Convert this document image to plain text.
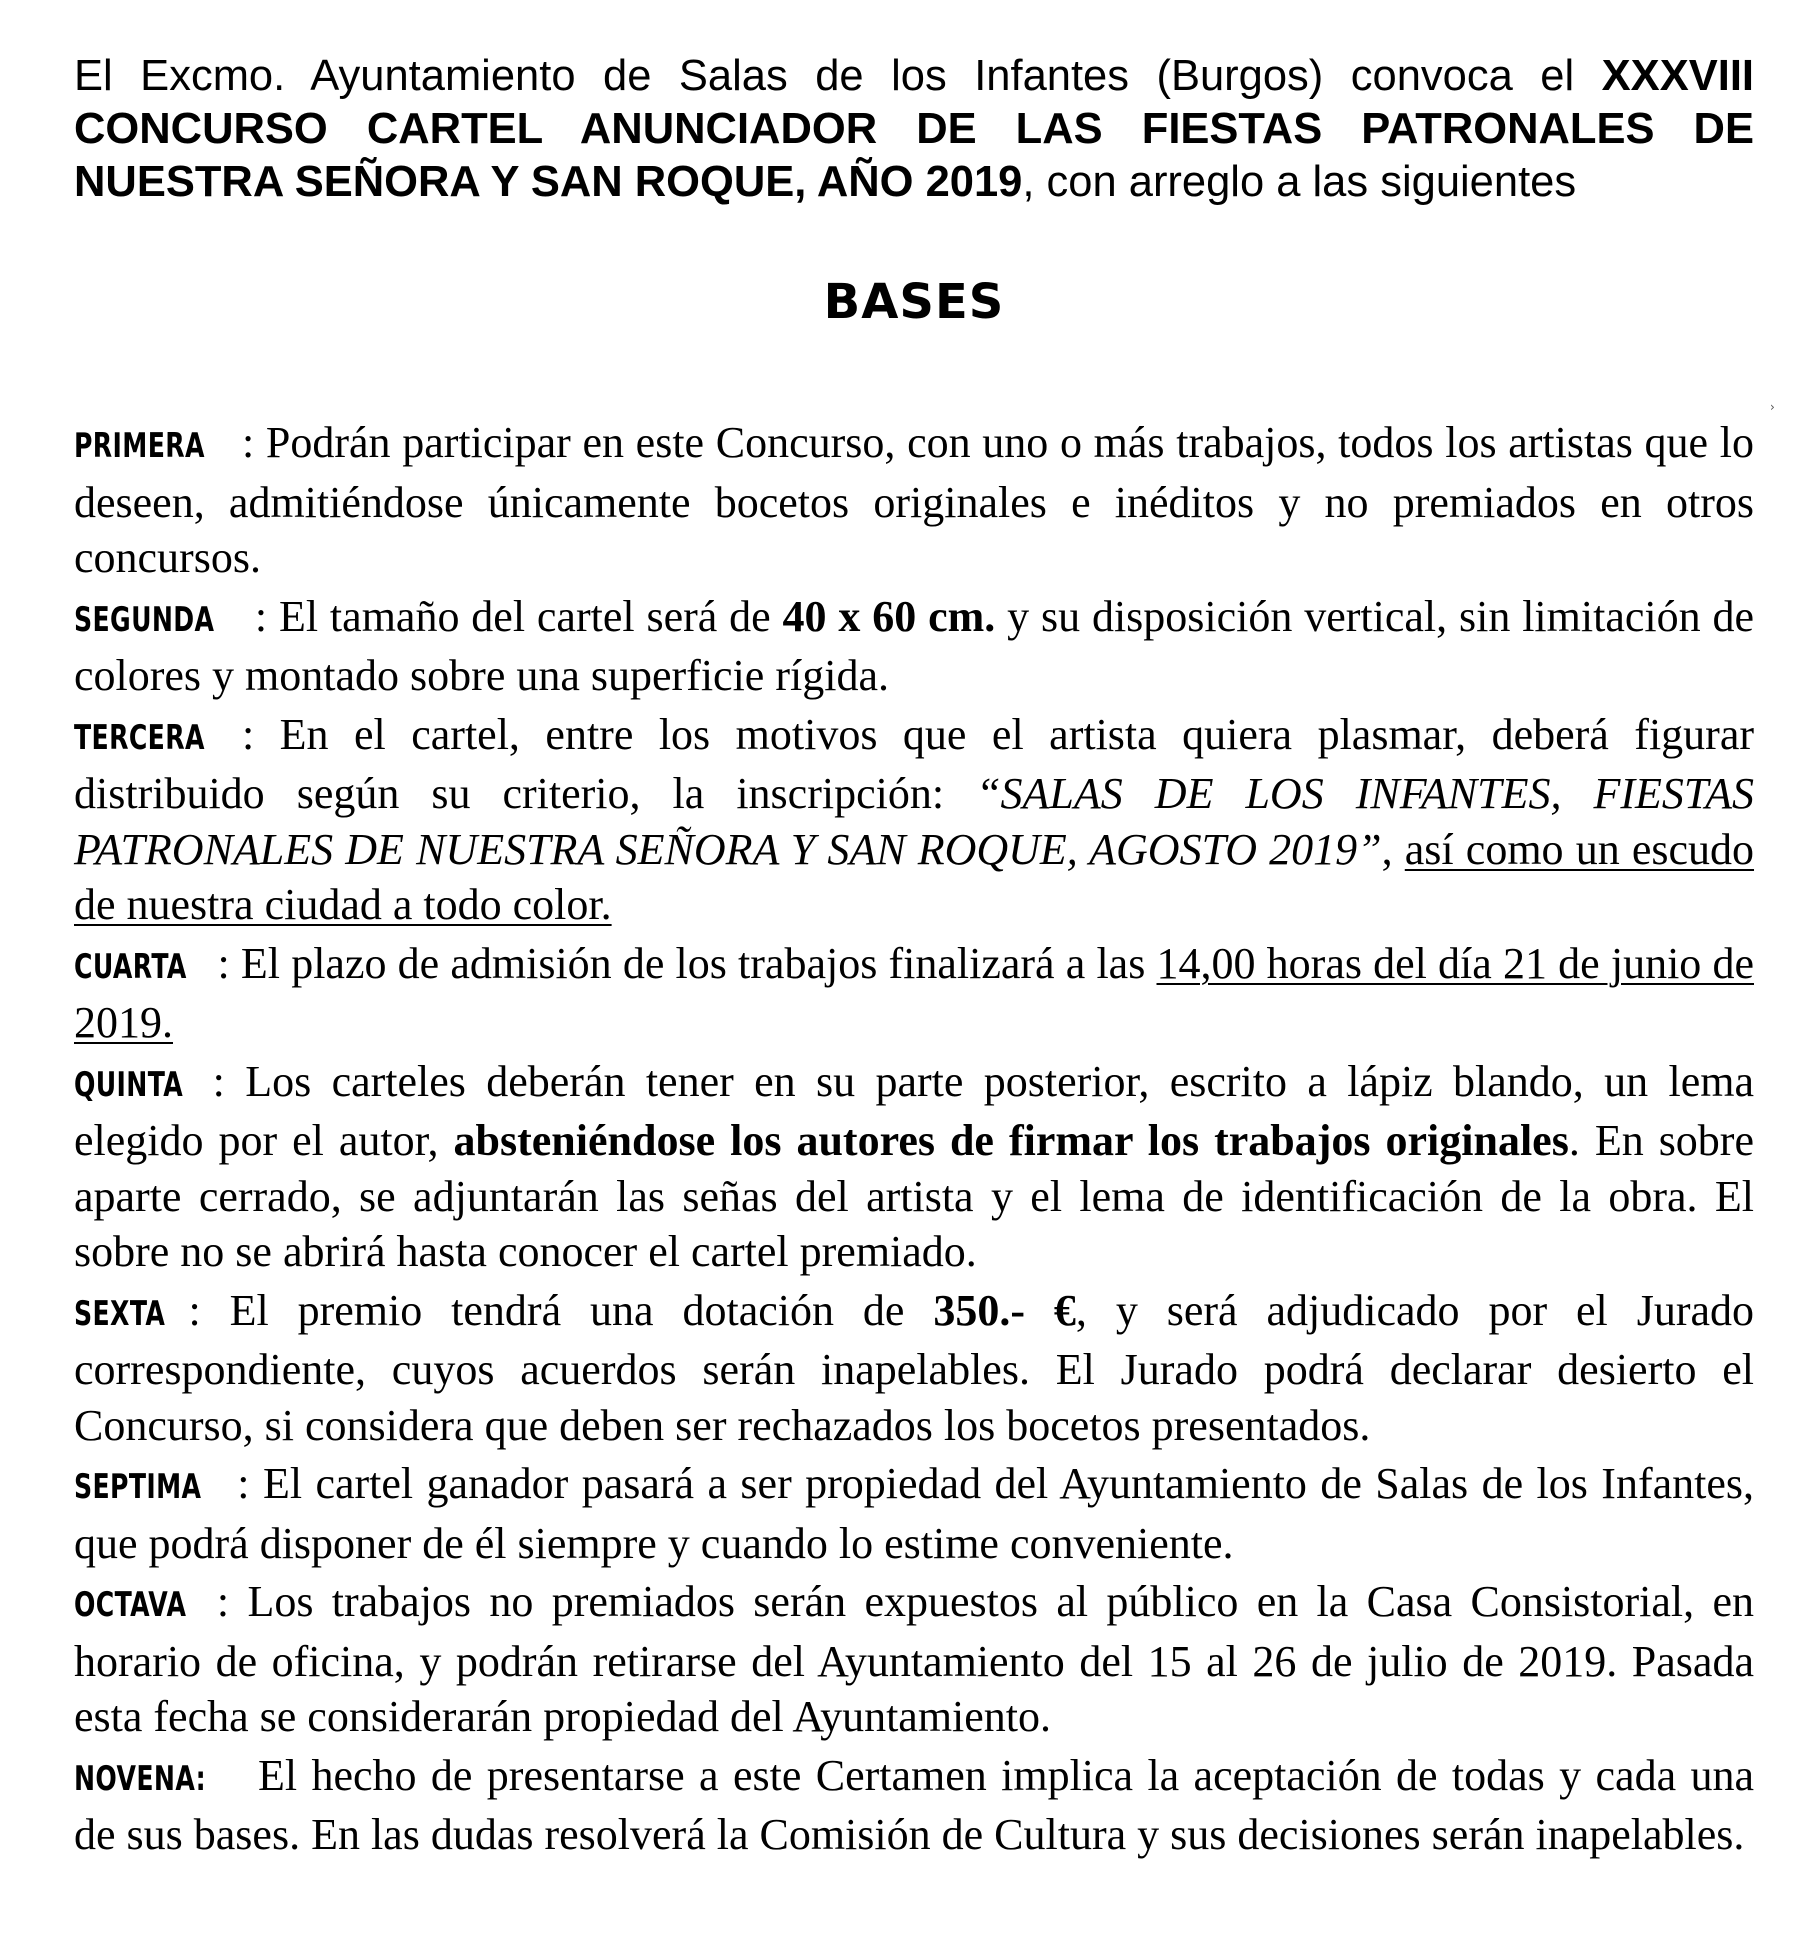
›

El Excmo. Ayuntamiento de Salas de los Infantes (Burgos) convoca el XXXVIII CONCURSO CARTEL ANUNCIADOR DE LAS FIESTAS PATRONALES DE NUESTRA SEÑORA Y SAN ROQUE, AÑO 2019, con arreglo a las siguientes

BASES

PRIMERA : Podrán participar en este Concurso, con uno o más trabajos, todos los artistas que lo deseen, admitiéndose únicamente bocetos originales e inéditos y no premiados en otros concursos.

SEGUNDA : El tamaño del cartel será de 40 x 60 cm. y su disposición vertical, sin limitación de colores y montado sobre una superficie rígida.

TERCERA : En el cartel, entre los motivos que el artista quiera plasmar, deberá figurar distribuido según su criterio, la inscripción: “SALAS DE LOS INFANTES, FIESTAS PATRONALES DE NUESTRA SEÑORA Y SAN ROQUE, AGOSTO 2019”, así como un escudo de nuestra ciudad a todo color.

CUARTA : El plazo de admisión de los trabajos finalizará a las 14,00 horas del día 21 de junio de 2019.

QUINTA : Los carteles deberán tener en su parte posterior, escrito a lápiz blando, un lema elegido por el autor, absteniéndose los autores de firmar los trabajos originales. En sobre aparte cerrado, se adjuntarán las señas del artista y el lema de identificación de la obra. El sobre no se abrirá hasta conocer el cartel premiado.

SEXTA : El premio tendrá una dotación de 350.- €, y será adjudicado por el Jurado correspondiente, cuyos acuerdos serán inapelables. El Jurado podrá declarar desierto el Concurso, si considera que deben ser rechazados los bocetos presentados.

SEPTIMA : El cartel ganador pasará a ser propiedad del Ayuntamiento de Salas de los Infantes, que podrá disponer de él siempre y cuando lo estime conveniente.

OCTAVA : Los trabajos no premiados serán expuestos al público en la Casa Consistorial, en horario de oficina, y podrán retirarse del Ayuntamiento del 15 al 26 de julio de 2019. Pasada esta fecha se considerarán propiedad del Ayuntamiento.

NOVENA: El hecho de presentarse a este Certamen implica la aceptación de todas y cada una de sus bases. En las dudas resolverá la Comisión de Cultura y sus decisiones serán inapelables.
